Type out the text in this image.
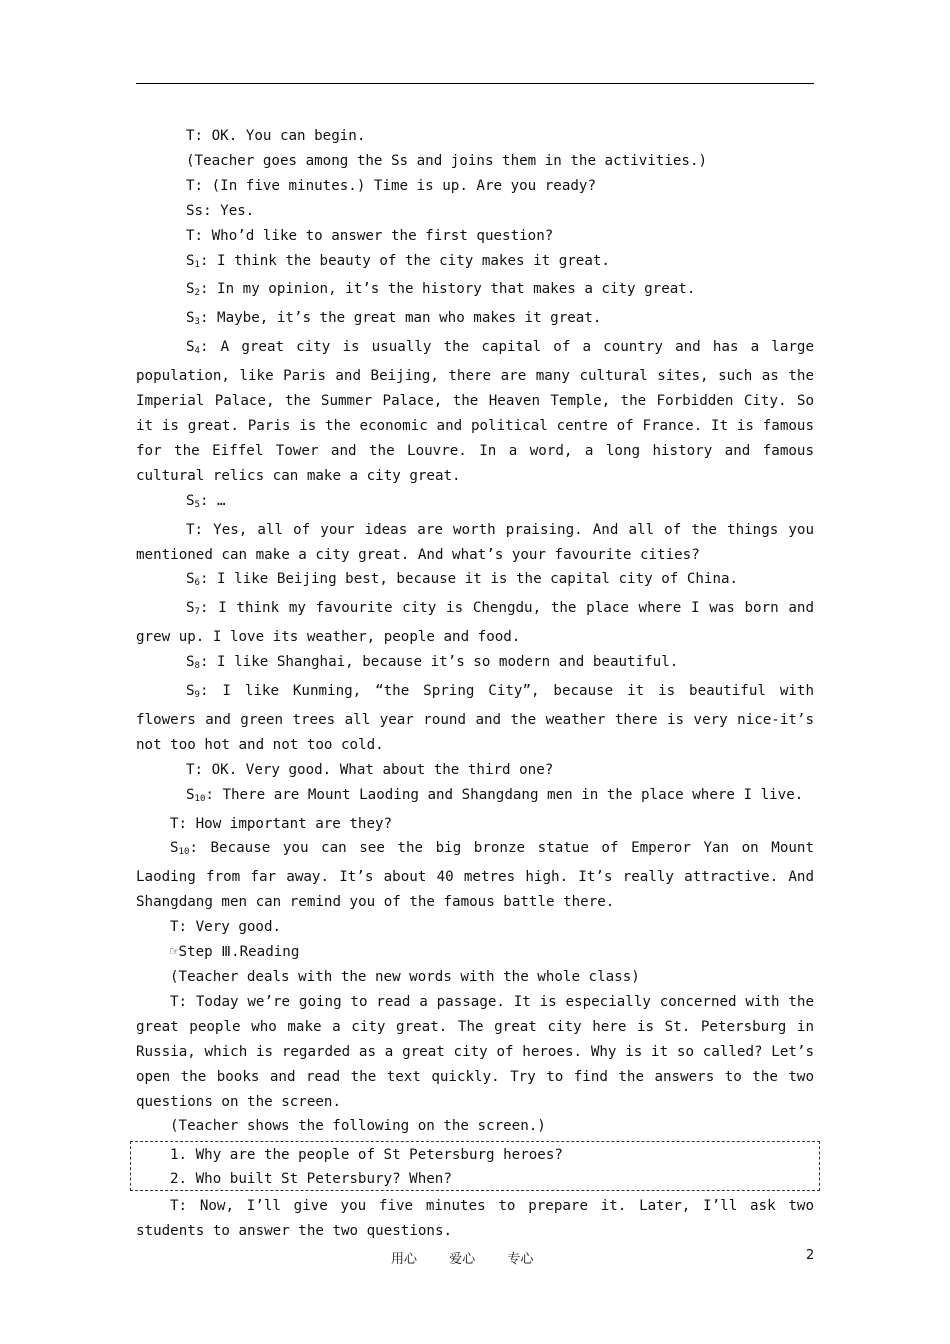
T: OK. You can begin.

(Teacher goes among the Ss and joins them in the activities.)

T: (In five minutes.) Time is up. Are you ready?

Ss: Yes.

T: Who’d like to answer the first question?

$S_1$: I think the beauty of the city makes it great.

$S_2$: In my opinion, it’s the history that makes a city great.

$S_3$: Maybe, it’s the great man who makes it great.

$S_4$: A great city is usually the capital of a country and has a large population, like Paris and Beijing, there are many cultural sites, such as the Imperial Palace, the Summer Palace, the Heaven Temple, the Forbidden City. So it is great. Paris is the economic and political centre of France. It is famous for the Eiffel Tower and the Louvre. In a word, a long history and famous cultural relics can make a city great.

$S_5$: …

T: Yes, all of your ideas are worth praising. And all of the things you mentioned can make a city great. And what’s your favourite cities?

$S_6$: I like Beijing best, because it is the capital city of China.

$S_7$: I think my favourite city is Chengdu, the place where I was born and grew up. I love its weather, people and food.

$S_8$: I like Shanghai, because it’s so modern and beautiful.

$S_9$: I like Kunming, “the Spring City”, because it is beautiful with flowers and green trees all year round and the weather there is very nice-it’s not too hot and not too cold.

T: OK. Very good. What about the third one?

$S_{10}$: There are Mount Laoding and Shangdang men in the place where I live.

T: How important are they?

$S_{10}$: Because you can see the big bronze statue of Emperor Yan on Mount Laoding from far away. It’s about 40 metres high. It’s really attractive. And Shangdang men can remind you of the famous battle there.

T: Very good.

☞Step Ⅲ.Reading

(Teacher deals with the new words with the whole class)

T: Today we’re going to read a passage. It is especially concerned with the great people who make a city great. The great city here is St. Petersburg in Russia, which is regarded as a great city of heroes. Why is it so called? Let’s open the books and read the text quickly. Try to find the answers to the two questions on the screen.

(Teacher shows the following on the screen.)

1. Why are the people of St Petersburg heroes?
2. Who built St Petersbury? When?

T: Now, I’ll give you five minutes to prepare it. Later, I’ll ask two students to answer the two questions.

用心 爱心 专心	2
